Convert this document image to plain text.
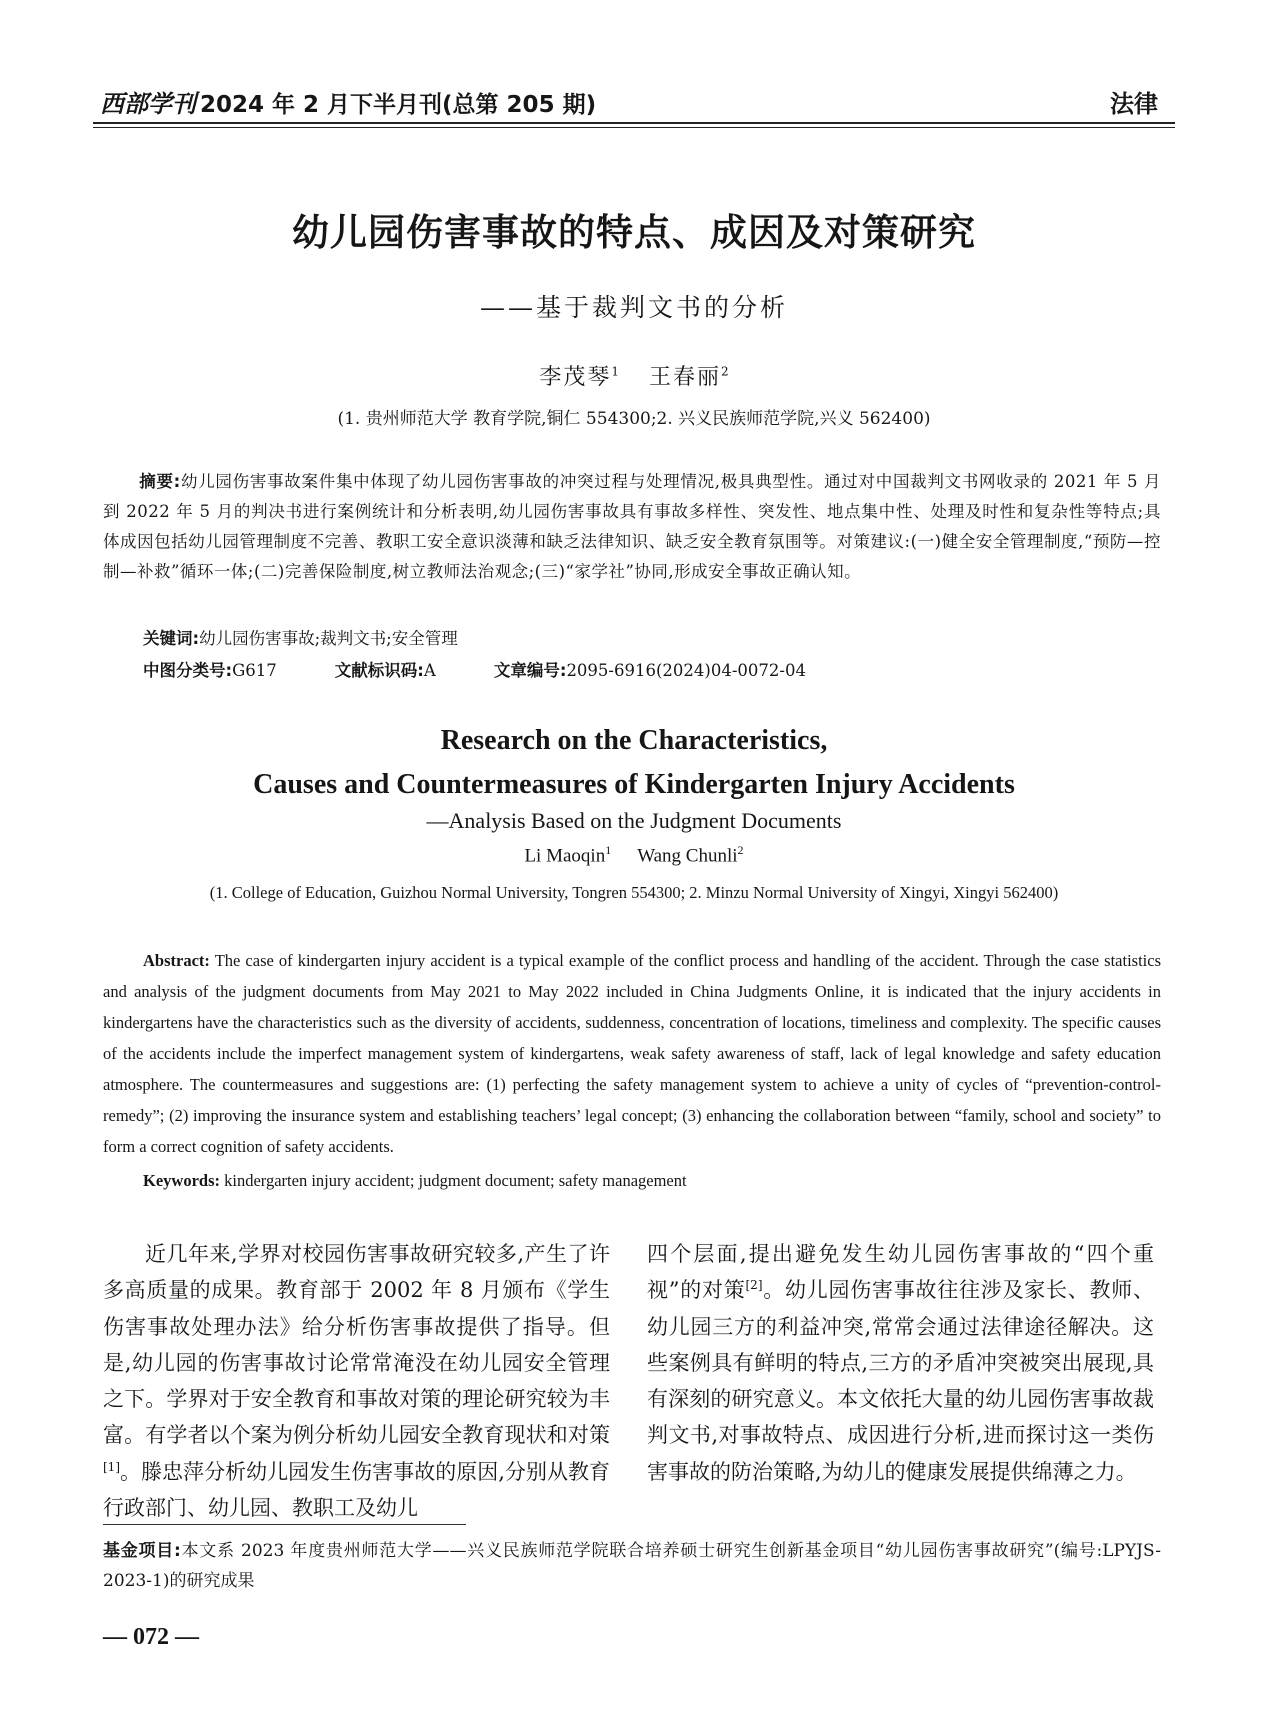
西部学刊 2024 年 2 月下半月刊(总第 205 期)	法律
幼儿园伤害事故的特点、成因及对策研究
——基于裁判文书的分析
李茂琴$^1$ 王春丽$^2$
(1. 贵州师范大学 教育学院,铜仁 554300;2. 兴义民族师范学院,兴义 562400)
摘要:幼儿园伤害事故案件集中体现了幼儿园伤害事故的冲突过程与处理情况,极具典型性。通过对中国裁判文书网收录的 2021 年 5 月到 2022 年 5 月的判决书进行案例统计和分析表明,幼儿园伤害事故具有事故多样性、突发性、地点集中性、处理及时性和复杂性等特点;具体成因包括幼儿园管理制度不完善、教职工安全意识淡薄和缺乏法律知识、缺乏安全教育氛围等。对策建议:(一)健全安全管理制度,“预防—控制—补救”循环一体;(二)完善保险制度,树立教师法治观念;(三)“家学社”协同,形成安全事故正确认知。
关键词:幼儿园伤害事故;裁判文书;安全管理
中图分类号:G617	文献标识码:A	文章编号:2095-6916(2024)04-0072-04
Research on the Characteristics,
Causes and Countermeasures of Kindergarten Injury Accidents
—Analysis Based on the Judgment Documents
Li Maoqin$^1$ Wang Chunli$^2$
(1. College of Education, Guizhou Normal University, Tongren 554300; 2. Minzu Normal University of Xingyi, Xingyi 562400)
Abstract: The case of kindergarten injury accident is a typical example of the conflict process and handling of the accident. Through the case statistics and analysis of the judgment documents from May 2021 to May 2022 included in China Judgments Online, it is indicated that the injury accidents in kindergartens have the characteristics such as the diversity of accidents, suddenness, concentration of locations, timeliness and complexity. The specific causes of the accidents include the imperfect management system of kindergartens, weak safety awareness of staff, lack of legal knowledge and safety education atmosphere. The countermeasures and suggestions are: (1) perfecting the safety management system to achieve a unity of cycles of “prevention-control-remedy”; (2) improving the insurance system and establishing teachers’ legal concept; (3) enhancing the collaboration between “family, school and society” to form a correct cognition of safety accidents.
Keywords: kindergarten injury accident; judgment document; safety management
近几年来,学界对校园伤害事故研究较多,产生了许多高质量的成果。教育部于 2002 年 8 月颁布《学生伤害事故处理办法》给分析伤害事故提供了指导。但是,幼儿园的伤害事故讨论常常淹没在幼儿园安全管理之下。学界对于安全教育和事故对策的理论研究较为丰富。有学者以个案为例分析幼儿园安全教育现状和对策[1]。滕忠萍分析幼儿园发生伤害事故的原因,分别从教育行政部门、幼儿园、教职工及幼儿
四个层面,提出避免发生幼儿园伤害事故的“四个重视”的对策[2]。幼儿园伤害事故往往涉及家长、教师、幼儿园三方的利益冲突,常常会通过法律途径解决。这些案例具有鲜明的特点,三方的矛盾冲突被突出展现,具有深刻的研究意义。本文依托大量的幼儿园伤害事故裁判文书,对事故特点、成因进行分析,进而探讨这一类伤害事故的防治策略,为幼儿的健康发展提供绵薄之力。
基金项目:本文系 2023 年度贵州师范大学——兴义民族师范学院联合培养硕士研究生创新基金项目“幼儿园伤害事故研究”(编号:LPYJS-2023-1)的研究成果
— 072 —
